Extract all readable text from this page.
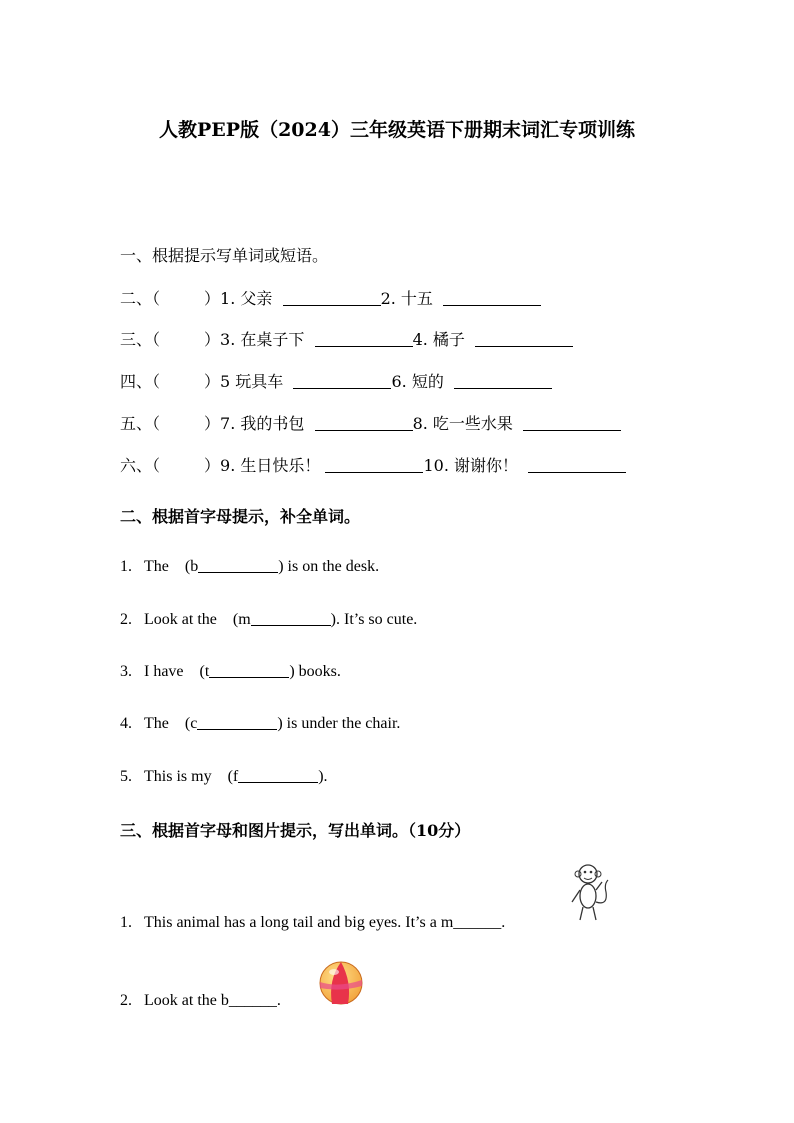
人教PEP版（2024）三年级英语下册期末词汇专项训练
一、根据提示写单词或短语。
二、（	）1. 父亲	2. 十五
三、（	）3. 在桌子下	4. 橘子
四、（	）5 玩具车	6. 短的
五、（	）7. 我的书包	8. 吃一些水果
六、（	）9. 生日快乐！	10. 谢谢你！
二、根据首字母提示，补全单词。
1. The (b	) is on the desk.
2. Look at the (m	). It’s so cute.
3. I have (t	) books.
4. The (c	) is under the chair.
5. This is my (f	).
三、根据首字母和图片提示，写出单词。（10分）
1. This animal has a long tail and big eyes. It’s a m______.
2. Look at the b______.
